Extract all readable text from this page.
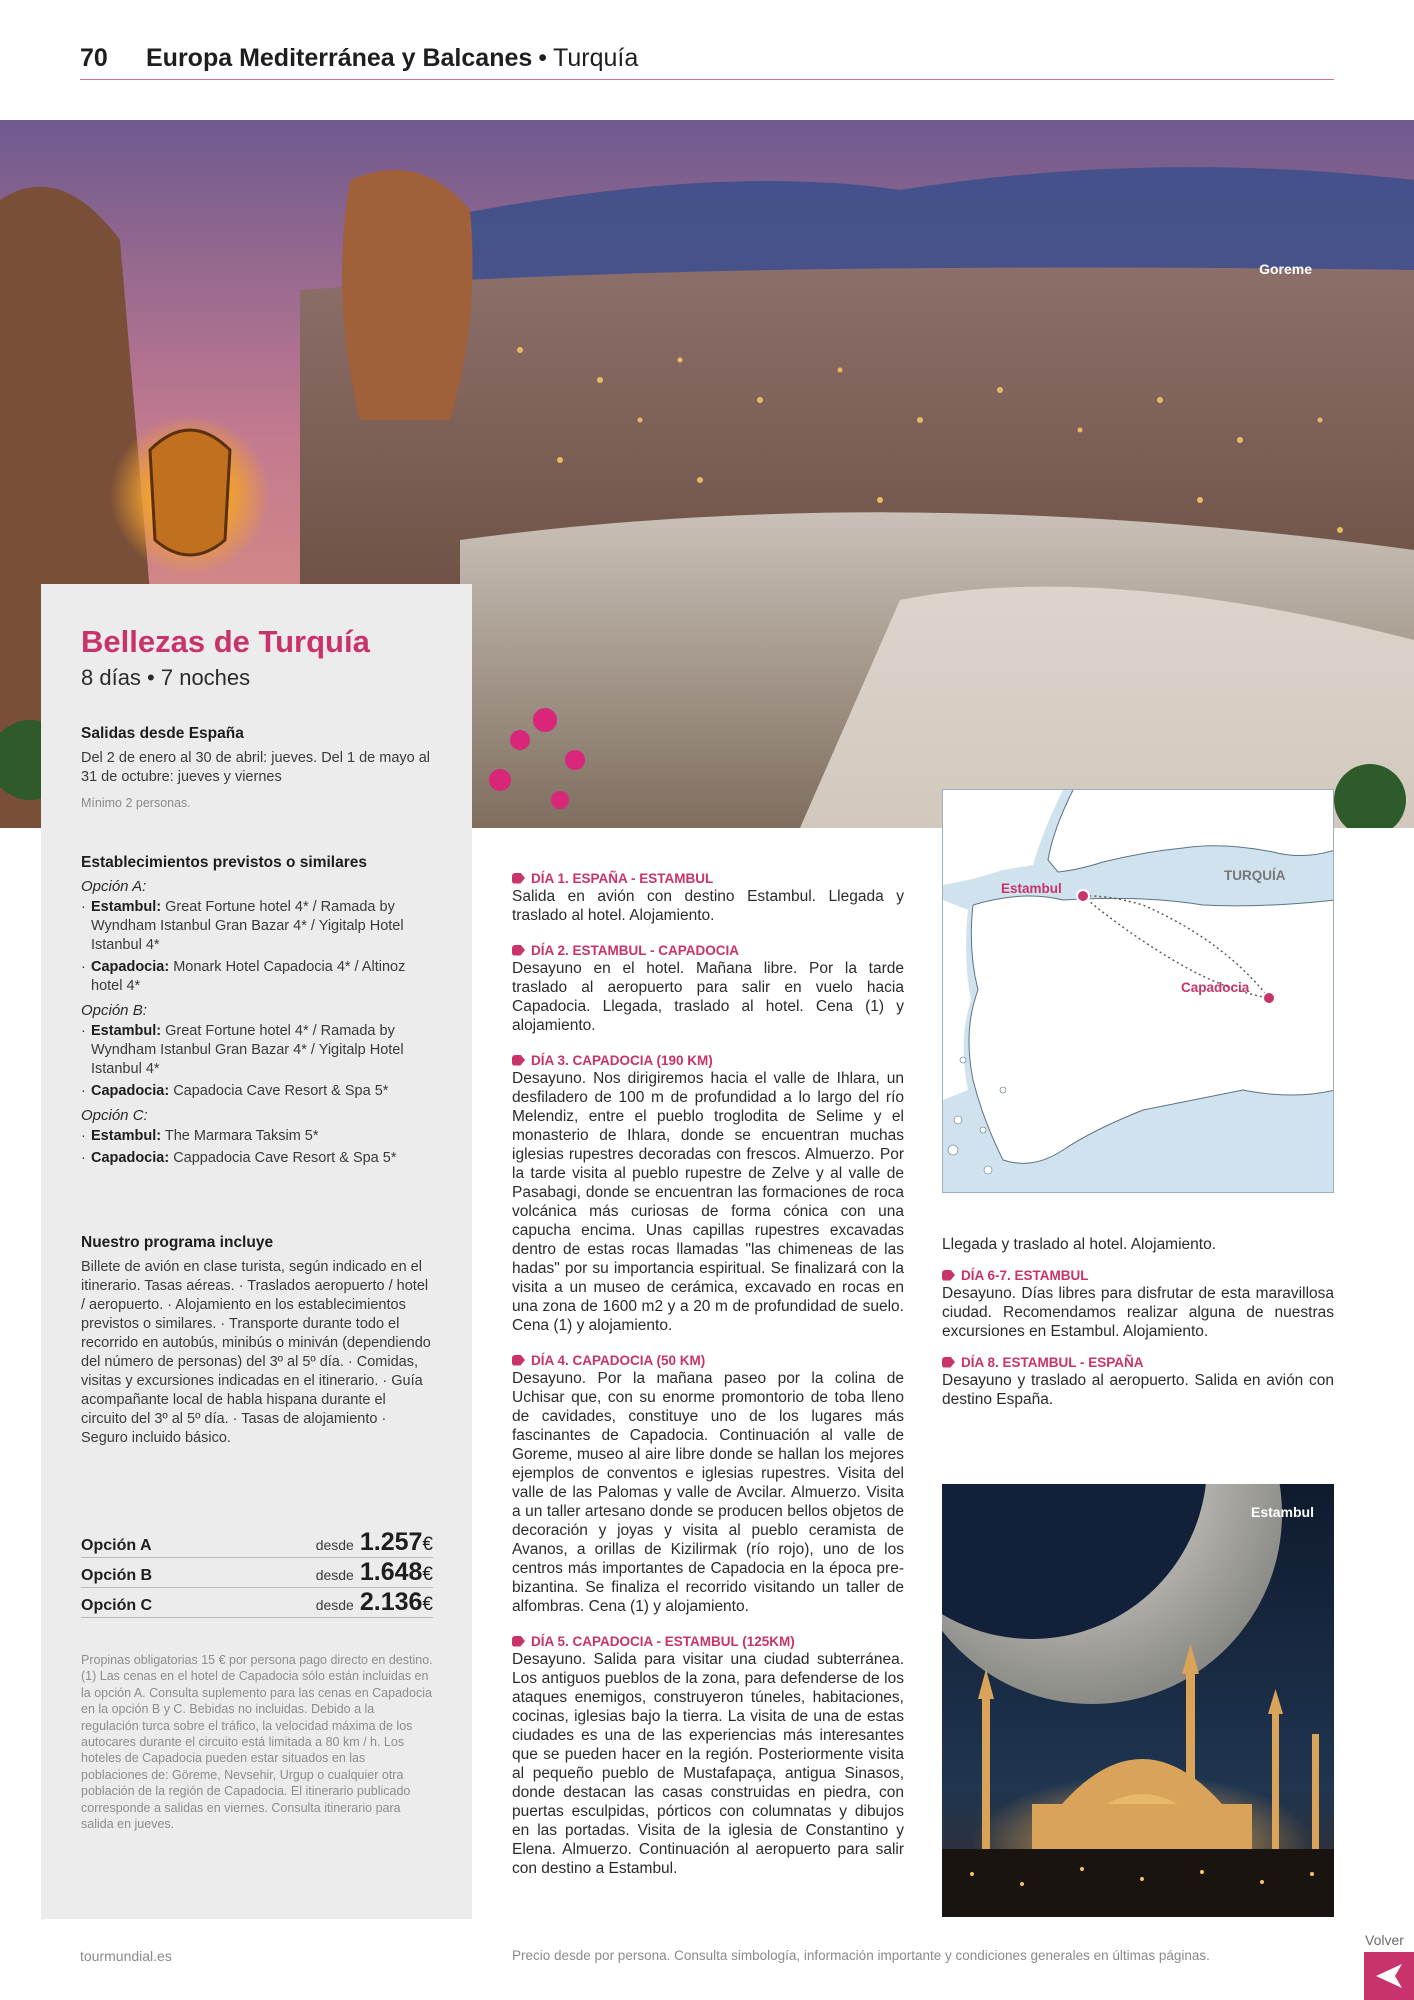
70	Europa Mediterránea y Balcanes • Turquía
Goreme
Bellezas de Turquía
8 días • 7 noches
Salidas desde España
Del 2 de enero al 30 de abril: jueves. Del 1 de mayo al 31 de octubre: jueves y viernes
Mínimo 2 personas.
Establecimientos previstos o similares
Opción A:
· Estambul: Great Fortune hotel 4* / Ramada by Wyndham Istanbul Gran Bazar 4* / Yigitalp Hotel Istanbul 4*
· Capadocia: Monark Hotel Capadocia 4* / Altinoz hotel 4*
Opción B:
· Estambul: Great Fortune hotel 4* / Ramada by Wyndham Istanbul Gran Bazar 4* / Yigitalp Hotel Istanbul 4*
· Capadocia: Capadocia Cave Resort & Spa 5*
Opción C:
· Estambul: The Marmara Taksim 5*
· Capadocia: Cappadocia Cave Resort & Spa 5*
Nuestro programa incluye
Billete de avión en clase turista, según indicado en el itinerario. Tasas aéreas. · Traslados aeropuerto / hotel / aeropuerto. · Alojamiento en los establecimientos previstos o similares. · Transporte durante todo el recorrido en autobús, minibús o miniván (dependiendo del número de personas) del 3º al 5º día. · Comidas, visitas y excursiones indicadas en el itinerario. · Guía acompañante local de habla hispana durante el circuito del 3º al 5º día. · Tasas de alojamiento · Seguro incluido básico.
Opción A	desde 1.257 €
Opción B	desde 1.648 €
Opción C	desde 2.136 €
Propinas obligatorias 15 € por persona pago directo en destino. (1) Las cenas en el hotel de Capadocia sólo están incluidas en la opción A. Consulta suplemento para las cenas en Capadocia en la opción B y C. Bebidas no incluidas. Debido a la regulación turca sobre el tráfico, la velocidad máxima de los autocares durante el circuito está limitada a 80 km / h. Los hoteles de Capadocia pueden estar situados en las poblaciones de: Göreme, Nevsehir, Urgup o cualquier otra población de la región de Capadocia. El itinerario publicado corresponde a salidas en viernes. Consulta itinerario para salida en jueves.
DÍA 1. ESPAÑA - ESTAMBUL
Salida en avión con destino Estambul. Llegada y traslado al hotel. Alojamiento.
DÍA 2. ESTAMBUL - CAPADOCIA
Desayuno en el hotel. Mañana libre. Por la tarde traslado al aeropuerto para salir en vuelo hacia Capadocia. Llegada, traslado al hotel. Cena (1) y alojamiento.
DÍA 3. CAPADOCIA (190 KM)
Desayuno. Nos dirigiremos hacia el valle de Ihlara, un desfiladero de 100 m de profundidad a lo largo del río Melendiz, entre el pueblo troglodita de Selime y el monasterio de Ihlara, donde se encuentran muchas iglesias rupestres decoradas con frescos. Almuerzo. Por la tarde visita al pueblo rupestre de Zelve y al valle de Pasabagi, donde se encuentran las formaciones de roca volcánica más curiosas de forma cónica con una capucha encima. Unas capillas rupestres excavadas dentro de estas rocas llamadas "las chimeneas de las hadas" por su importancia espiritual. Se finalizará con la visita a un museo de cerámica, excavado en rocas en una zona de 1600 m2 y a 20 m de profundidad de suelo. Cena (1) y alojamiento.
DÍA 4. CAPADOCIA (50 KM)
Desayuno. Por la mañana paseo por la colina de Uchisar que, con su enorme promontorio de toba lleno de cavidades, constituye uno de los lugares más fascinantes de Capadocia. Continuación al valle de Goreme, museo al aire libre donde se hallan los mejores ejemplos de conventos e iglesias rupestres. Visita del valle de las Palomas y valle de Avcilar. Almuerzo. Visita a un taller artesano donde se producen bellos objetos de decoración y joyas y visita al pueblo ceramista de Avanos, a orillas de Kizilirmak (río rojo), uno de los centros más importantes de Capadocia en la época pre-bizantina. Se finaliza el recorrido visitando un taller de alfombras. Cena (1) y alojamiento.
DÍA 5. CAPADOCIA - ESTAMBUL (125KM)
Desayuno. Salida para visitar una ciudad subterránea. Los antiguos pueblos de la zona, para defenderse de los ataques enemigos, construyeron túneles, habitaciones, cocinas, iglesias bajo la tierra. La visita de una de estas ciudades es una de las experiencias más interesantes que se pueden hacer en la región. Posteriormente visita al pequeño pueblo de Mustafapaça, antigua Sinasos, donde destacan las casas construidas en piedra, con puertas esculpidas, pórticos con columnatas y dibujos en las portadas. Visita de la iglesia de Constantino y Elena. Almuerzo. Continuación al aeropuerto para salir con destino a Estambul.
TURQUÍA
Estambul
Capadocia
Llegada y traslado al hotel. Alojamiento.
DÍA 6-7. ESTAMBUL
Desayuno. Días libres para disfrutar de esta maravillosa ciudad. Recomendamos realizar alguna de nuestras excursiones en Estambul. Alojamiento.
DÍA 8. ESTAMBUL - ESPAÑA
Desayuno y traslado al aeropuerto. Salida en avión con destino España.
Estambul
tourmundial.es	Precio desde por persona. Consulta simbología, información importante y condiciones generales en últimas páginas.
Volver
